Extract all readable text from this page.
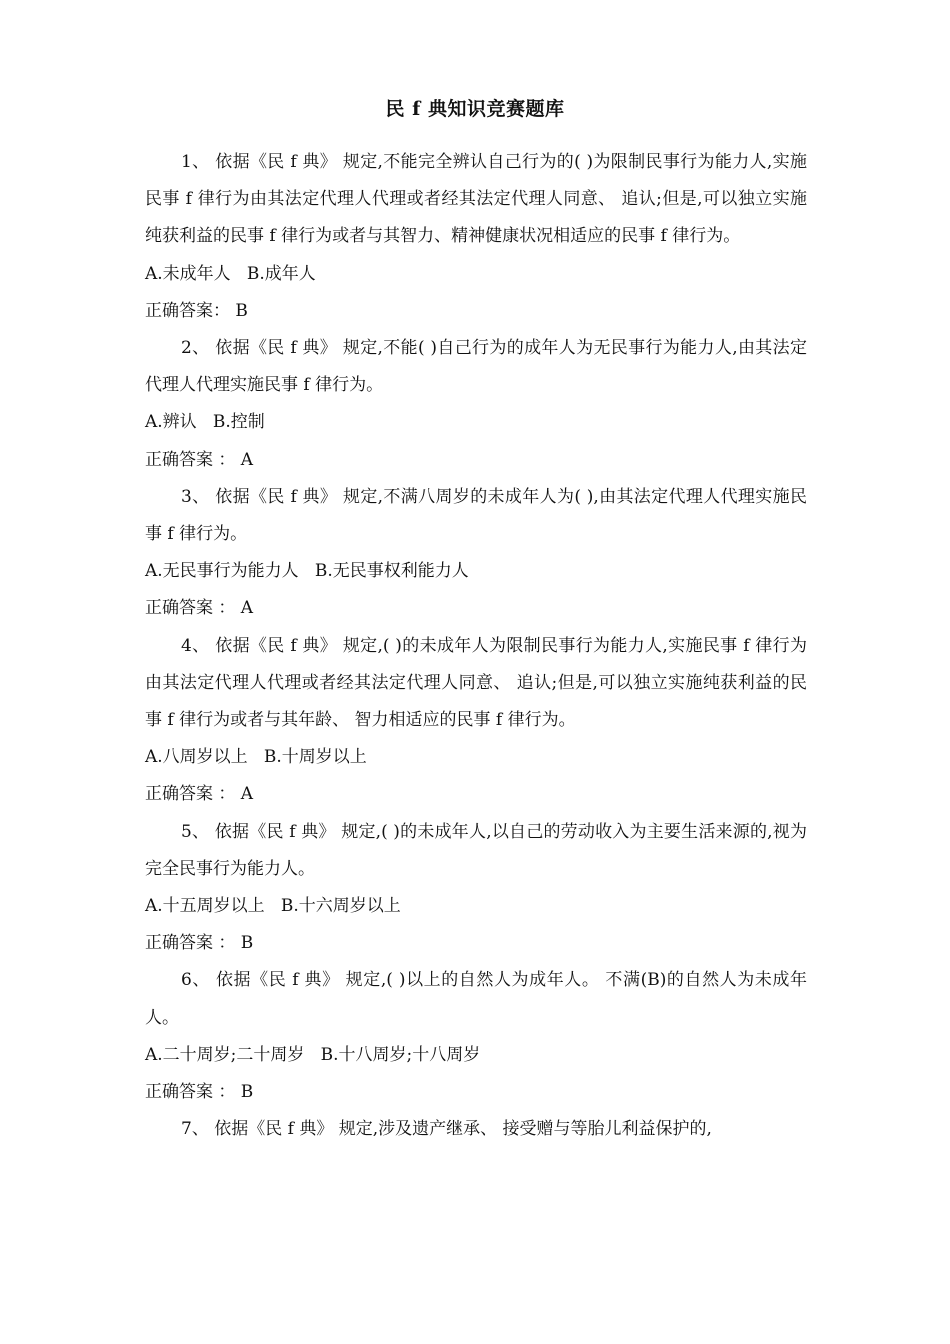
民 f 典知识竞赛题库

1、 依据《民 f 典》 规定,不能完全辨认自己行为的( )为限制民事行为能力人,实施民事 f 律行为由其法定代理人代理或者经其法定代理人同意、 追认;但是,可以独立实施纯获利益的民事 f 律行为或者与其智力、精神健康状况相适应的民事 f 律行为。

A.未成年人   B.成年人

正确答案： B

2、 依据《民 f 典》 规定,不能( )自己行为的成年人为无民事行为能力人,由其法定代理人代理实施民事 f 律行为。

A.辨认   B.控制

正确答案 ： A

3、 依据《民 f 典》 规定,不满八周岁的未成年人为( ),由其法定代理人代理实施民事 f 律行为。

A.无民事行为能力人   B.无民事权利能力人

正确答案 ： A

4、 依据《民 f 典》 规定,( )的未成年人为限制民事行为能力人,实施民事 f 律行为由其法定代理人代理或者经其法定代理人同意、 追认;但是,可以独立实施纯获利益的民事 f 律行为或者与其年龄、 智力相适应的民事 f 律行为。

A.八周岁以上   B.十周岁以上

正确答案 ： A

5、 依据《民 f 典》 规定,( )的未成年人,以自己的劳动收入为主要生活来源的,视为完全民事行为能力人。

A.十五周岁以上   B.十六周岁以上

正确答案 ： B

6、 依据《民 f 典》 规定,( )以上的自然人为成年人。 不满(B)的自然人为未成年人。

A.二十周岁;二十周岁   B.十八周岁;十八周岁

正确答案 ： B

7、 依据《民 f 典》 规定,涉及遗产继承、 接受赠与等胎儿利益保护的,
